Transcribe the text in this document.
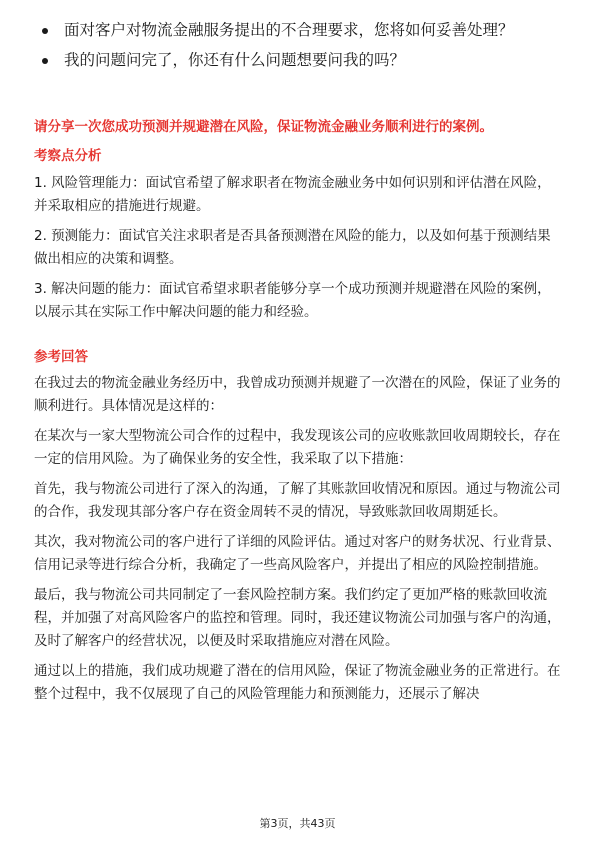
面对客户对物流金融服务提出的不合理要求，您将如何妥善处理？
我的问题问完了，你还有什么问题想要问我的吗？
请分享一次您成功预测并规避潜在风险，保证物流金融业务顺利进行的案例。
考察点分析

1. 风险管理能力：面试官希望了解求职者在物流金融业务中如何识别和评估潜在风险，并采取相应的措施进行规避。

2. 预测能力：面试官关注求职者是否具备预测潜在风险的能力，以及如何基于预测结果做出相应的决策和调整。

3. 解决问题的能力：面试官希望求职者能够分享一个成功预测并规避潜在风险的案例，以展示其在实际工作中解决问题的能力和经验。

参考回答

在我过去的物流金融业务经历中，我曾成功预测并规避了一次潜在的风险，保证了业务的顺利进行。具体情况是这样的：

在某次与一家大型物流公司合作的过程中，我发现该公司的应收账款回收周期较长，存在一定的信用风险。为了确保业务的安全性，我采取了以下措施：

首先，我与物流公司进行了深入的沟通，了解了其账款回收情况和原因。通过与物流公司的合作，我发现其部分客户存在资金周转不灵的情况，导致账款回收周期延长。

其次，我对物流公司的客户进行了详细的风险评估。通过对客户的财务状况、行业背景、信用记录等进行综合分析，我确定了一些高风险客户，并提出了相应的风险控制措施。

最后，我与物流公司共同制定了一套风险控制方案。我们约定了更加严格的账款回收流程，并加强了对高风险客户的监控和管理。同时，我还建议物流公司加强与客户的沟通，及时了解客户的经营状况，以便及时采取措施应对潜在风险。

通过以上的措施，我们成功规避了潜在的信用风险，保证了物流金融业务的正常进行。在整个过程中，我不仅展现了自己的风险管理能力和预测能力，还展示了解决

第3页，共43页
